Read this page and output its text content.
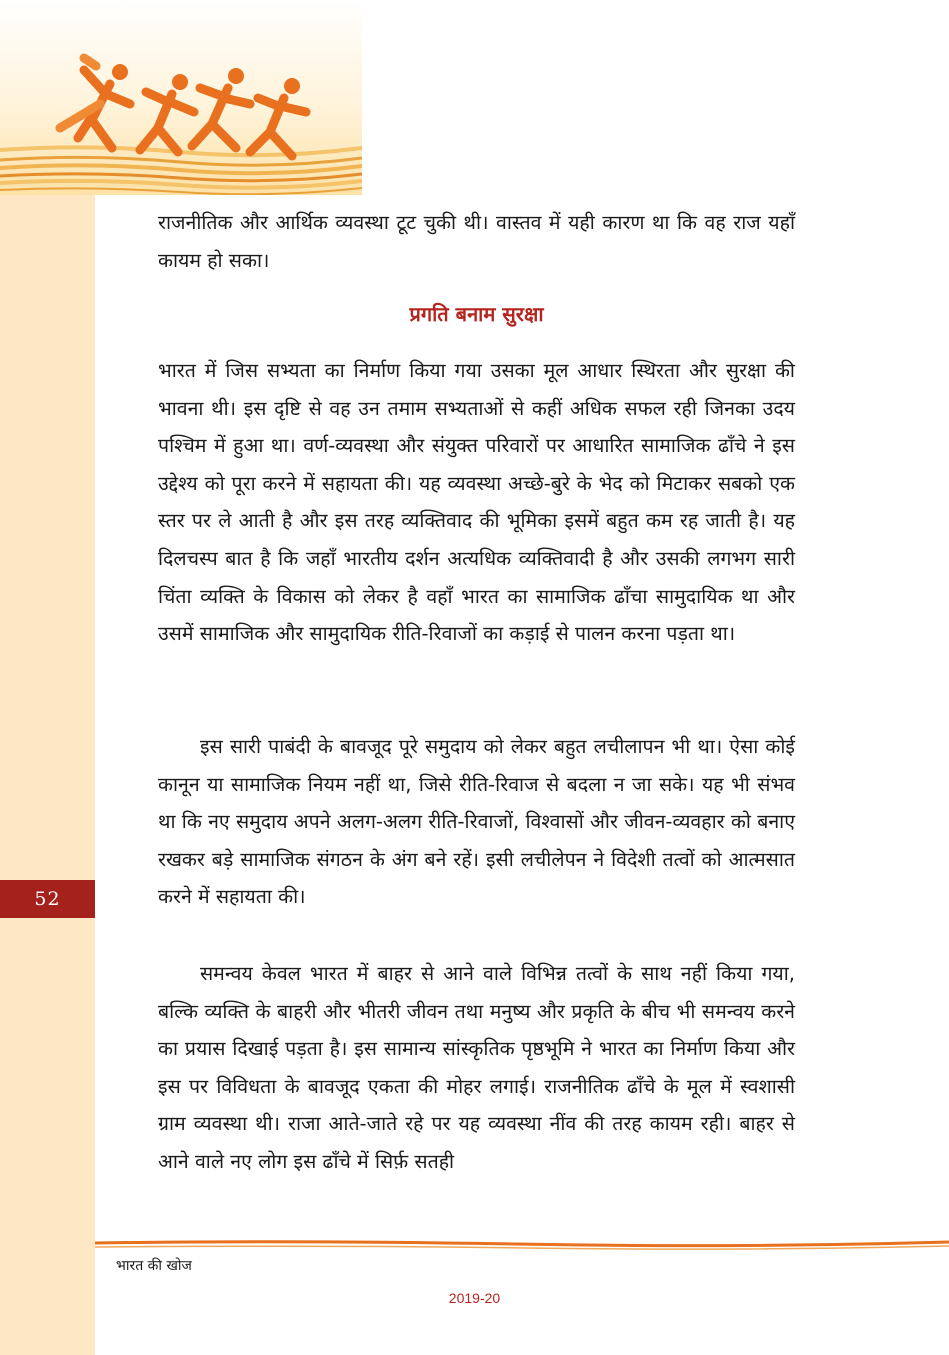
52

राजनीतिक और आर्थिक व्यवस्था टूट चुकी थी। वास्तव में यही कारण था कि वह राज यहाँ कायम हो सका।

प्रगति बनाम सुरक्षा

भारत में जिस सभ्यता का निर्माण किया गया उसका मूल आधार स्थिरता और सुरक्षा की भावना थी। इस दृष्टि से वह उन तमाम सभ्यताओं से कहीं अधिक सफल रही जिनका उदय पश्चिम में हुआ था। वर्ण-व्यवस्था और संयुक्त परिवारों पर आधारित सामाजिक ढाँचे ने इस उद्देश्य को पूरा करने में सहायता की। यह व्यवस्था अच्छे-बुरे के भेद को मिटाकर सबको एक स्तर पर ले आती है और इस तरह व्यक्तिवाद की भूमिका इसमें बहुत कम रह जाती है। यह दिलचस्प बात है कि जहाँ भारतीय दर्शन अत्यधिक व्यक्तिवादी है और उसकी लगभग सारी चिंता व्यक्ति के विकास को लेकर है वहाँ भारत का सामाजिक ढाँचा सामुदायिक था और उसमें सामाजिक और सामुदायिक रीति-रिवाजों का कड़ाई से पालन करना पड़ता था।

इस सारी पाबंदी के बावजूद पूरे समुदाय को लेकर बहुत लचीलापन भी था। ऐसा कोई कानून या सामाजिक नियम नहीं था, जिसे रीति-रिवाज से बदला न जा सके। यह भी संभव था कि नए समुदाय अपने अलग-अलग रीति-रिवाजों, विश्वासों और जीवन-व्यवहार को बनाए रखकर बड़े सामाजिक संगठन के अंग बने रहें। इसी लचीलेपन ने विदेशी तत्वों को आत्मसात करने में सहायता की।

समन्वय केवल भारत में बाहर से आने वाले विभिन्न तत्वों के साथ नहीं किया गया, बल्कि व्यक्ति के बाहरी और भीतरी जीवन तथा मनुष्य और प्रकृति के बीच भी समन्वय करने का प्रयास दिखाई पड़ता है। इस सामान्य सांस्कृतिक पृष्ठभूमि ने भारत का निर्माण किया और इस पर विविधता के बावजूद एकता की मोहर लगाई। राजनीतिक ढाँचे के मूल में स्वशासी ग्राम व्यवस्था थी। राजा आते-जाते रहे पर यह व्यवस्था नींव की तरह कायम रही। बाहर से आने वाले नए लोग इस ढाँचे में सिर्फ़ सतही

भारत की खोज
2019-20
